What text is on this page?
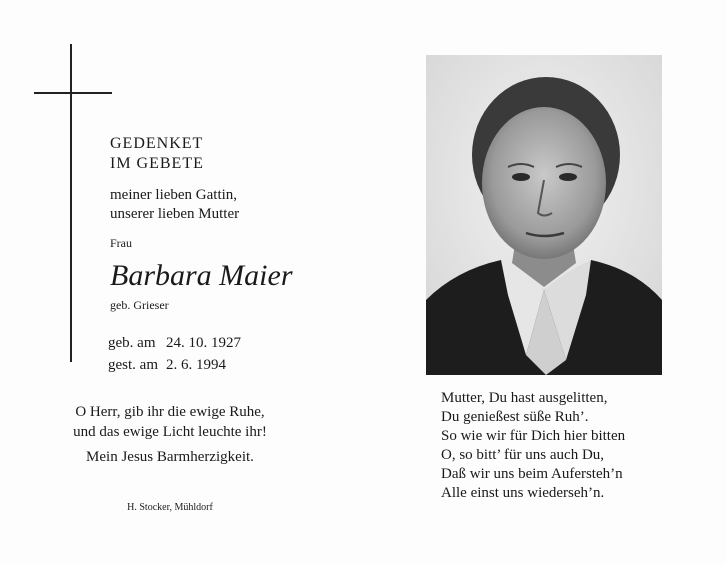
GEDENKET
IM GEBETE
meiner lieben Gattin,
unserer lieben Mutter
Frau
Barbara Maier
geb. Grieser
geb. am 24. 10. 1927
gest. am 2. 6. 1994
O Herr, gib ihr die ewige Ruhe,
und das ewige Licht leuchte ihr!
Mein Jesus Barmherzigkeit.
H. Stocker, Mühldorf
Mutter, Du hast ausgelitten,
Du genießest süße Ruh’.
So wie wir für Dich hier bitten
O, so bitt’ für uns auch Du,
Daß wir uns beim Aufersteh’n
Alle einst uns wiederseh’n.
